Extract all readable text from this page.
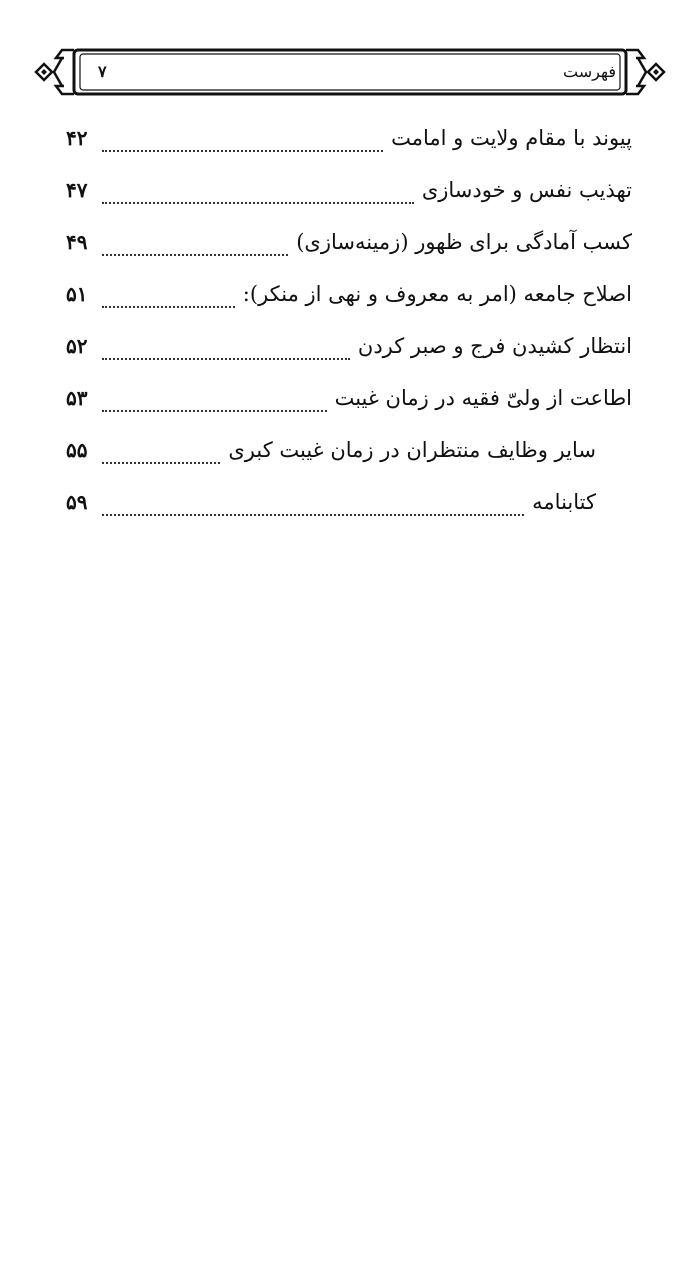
فهرست
۷
پیوند با مقام ولایت و امامت
۴۲
تهذیب نفس و خودسازی
۴۷
کسب آمادگی برای ظهور (زمینه‌سازی)
۴۹
اصلاح جامعه (امر به معروف و نهی از منکر):
۵۱
انتظار کشیدن فرج و صبر کردن
۵۲
اطاعت از ولیّ فقیه در زمان غیبت
۵۳
سایر وظایف منتظران در زمان غیبت کبری
۵۵
کتابنامه
۵۹
